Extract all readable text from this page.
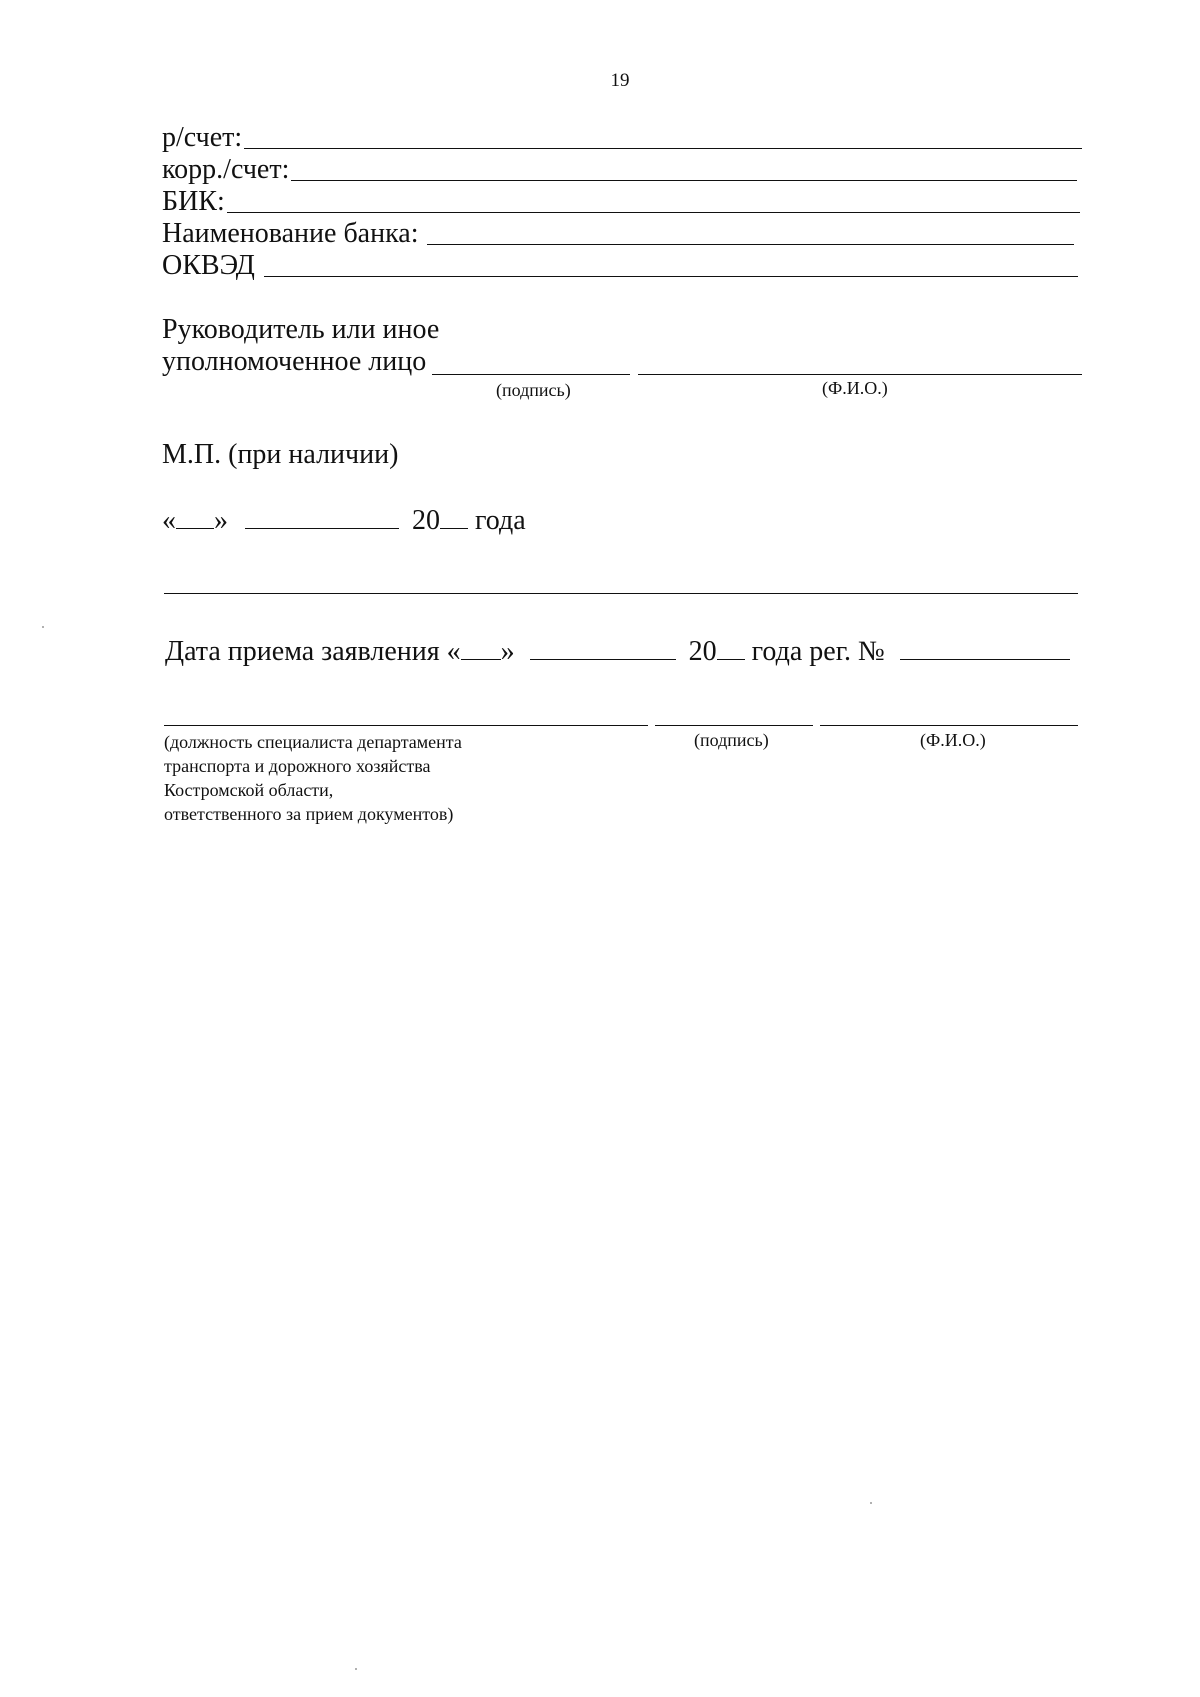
19
р/счет:
корр./счет:
БИК:
Наименование банка:
ОКВЭД
Руководитель или иное
уполномоченное лицо
(подпись)	(Ф.И.О.)
М.П. (при наличии)
« »	20 года
Дата приема заявления « »	20 года рег. №
(должность специалиста департамента
транспорта и дорожного хозяйства
Костромской области,
ответственного за прием документов)
(подпись)	(Ф.И.О.)
